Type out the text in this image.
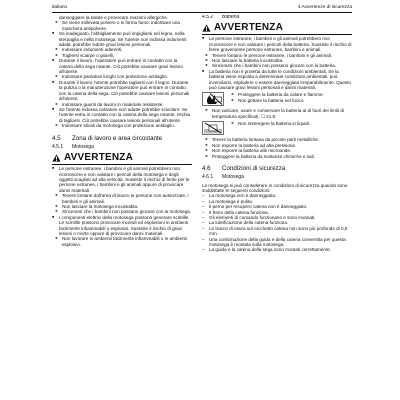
italiano	4 Avvertenze di sicurezza
danneggiare la salute e provocare reazioni allergiche.
► Se viene sollevata polvere o si forma fumo: indossare una maschera antipolvere.
■ Se inadeguato, l'abbigliamento può impigliarsi nel legno, nella sterpaglia e nella motosega. Se l'utente non indossa indumenti adatti, potrebbe subire gravi lesioni personali.
► Indossare indumenti aderenti.
► Togliersi sciarpe o gioielli.
■ Durante il lavoro, l'operatore può entrare in contatto con la catena della sega rotante. Ciò potrebbe causare gravi lesioni all'utente.
► Indossare pantaloni lunghi con protezione antitaglio.
■ Durante il lavoro l'utente potrebbe tagliarsi con il legno. Durante la pulizia o la manutenzione l'operatore può entrare in contatto con la catena della sega. Ciò potrebbe causare lesioni personali all'utente.
► Indossare guanti da lavoro in materiale resistente.
■ Se l'utente indossa calzature non adatte potrebbe scivolare. Se l'utente entra in contatto con la catena della sega rotante, rischia di tagliarsi. Ciò potrebbe causare lesioni personali all'utente.
► Indossare stivali da motosega con protezione antitaglio.
4.5	Zona di lavoro e area circostante
4.5.1	Motosega
AVVERTENZA
■ Le persone estranee, i bambini e gli animali potrebbero non riconoscere e non valutare i pericoli della motosega e degli oggetti scagliati ad alta velocità. Sussiste il rischio di ferite per le persone estranee, i bambini e gli animali oppure di provocare danni materiali.
► Tenere lontane dall'area di lavoro le persone non autorizzate, i bambini e gli animali.
► Non lasciare la motosega incustodita.
► Sincerarsi che i bambini non possano giocare con la motosega.
■ I componenti elettrici della motosega possono generare scintille. Le scintille possono provocare incendi ed esplosioni in ambienti facilmente infiammabili o esplosivi. Sussiste il rischio di gravi lesioni o morte oppure di provocare danni materiali.
► Non lavorare in ambienti facilmente infiammabili o in ambienti esplosivi.
4.5.2	Batteria
AVVERTENZA
■ Le persone estranee, i bambini e gli animali potrebbero non riconoscere e non valutare i pericoli della batteria. Sussiste il rischio di ferire gravemente persone estranee, bambini e animali.
► Tenere lontano le persone estranee, i bambini e gli animali.
► Non lasciare la batteria incustodita.
► Sincerarsi che i bambini non possano giocare con la batteria.
■ La batteria non è protetta da tutte le condizioni ambientali. Se la batteria viene esposta a determinate condizioni ambientali, può incendiarsi, esplodere o essere danneggiata irreparabilmente. Questo può causare gravi lesioni personali e danni materiali.
► Proteggere la batteria da calore e fiamme.
► Non gettare la batteria nel fuoco.
► Non caricare, usare e conservare la batteria al di fuori dei limiti di temperatura specificati, ☐ 21.5.
► Non immergere la batteria in liquidi.
► Tenere la batteria lontana da piccole parti metalliche.
► Non esporre la batteria ad alta pressione.
► Non esporre la batteria alle microonde.
► Proteggere la batteria da sostanze chimiche e sali.
4.6	Condizioni di sicurezza
4.6.1	Motosega

La motosega si può considerare in condizioni di sicurezza quando sono soddisfatte le seguenti condizioni:

– La motosega non è danneggiata.
– La motosega è pulita.
– Il perno per recupero catena non è danneggiato.
– Il freno della catena funziona.
– Gli elementi di comando funzionano e sono invariati.
– La lubrificazione della catena funziona.
– Le tracce di usura sul rocchetto catena non sono più profonde di 0,5 mm.
– Una combinazione della guida e della catena consentita per questa motosega è montata sulla motosega.
– La guida e la catena della sega sono montati correttamente.
